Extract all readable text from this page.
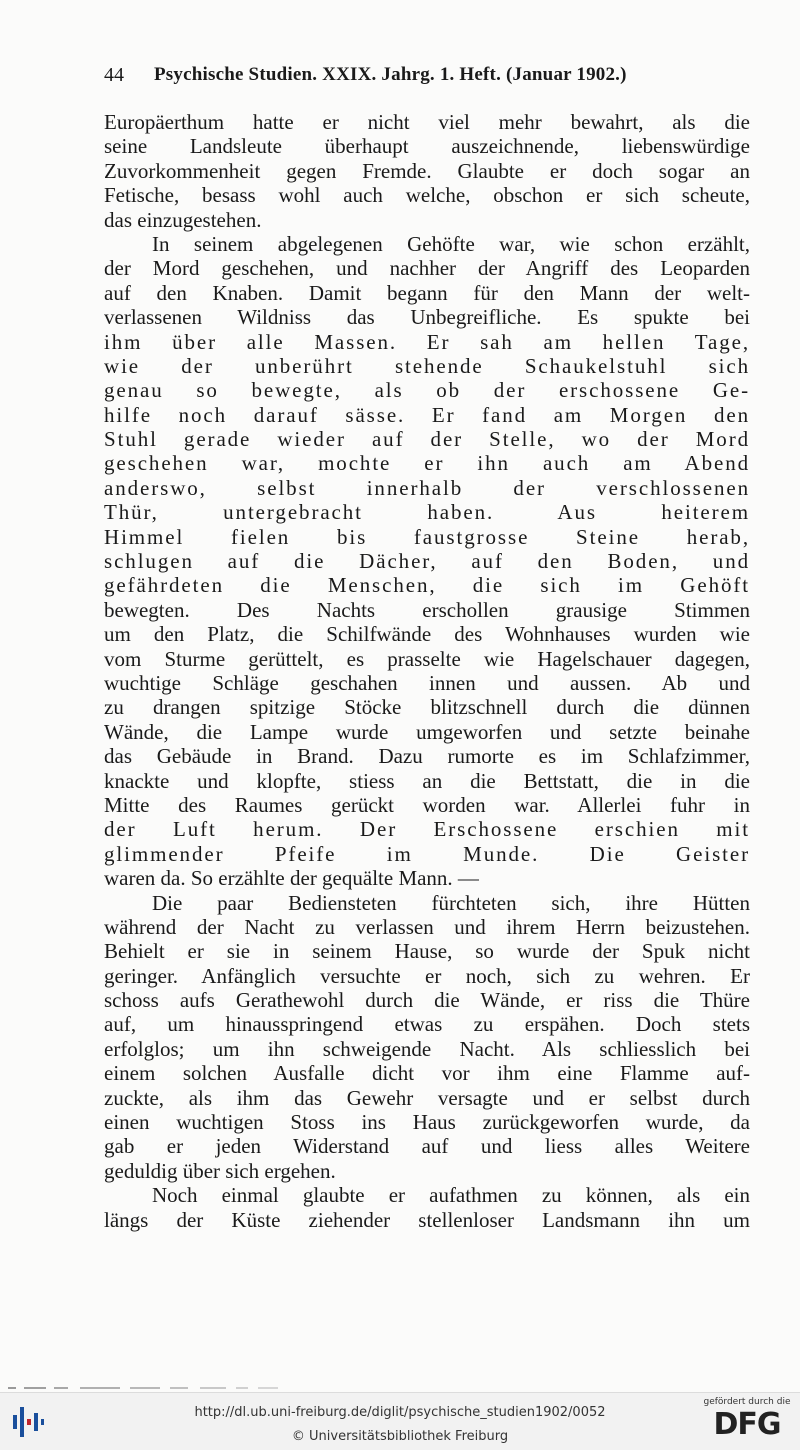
44 Psychische Studien. XXIX. Jahrg. 1. Heft. (Januar 1902.)
Europäerthum hatte er nicht viel mehr bewahrt, als die
seine Landsleute überhaupt auszeichnende, liebenswürdige
Zuvorkommenheit gegen Fremde. Glaubte er doch sogar an
Fetische, besass wohl auch welche, obschon er sich scheute,
das einzugestehen.
In seinem abgelegenen Gehöfte war, wie schon erzählt,
der Mord geschehen, und nachher der Angriff des Leoparden
auf den Knaben. Damit begann für den Mann der welt-
verlassenen Wildniss das Unbegreifliche. Es spukte bei
ihm über alle Massen. Er sah am hellen Tage,
wie der unberührt stehende Schaukelstuhl sich
genau so bewegte, als ob der erschossene Ge-
hilfe noch darauf sässe. Er fand am Morgen den
Stuhl gerade wieder auf der Stelle, wo der Mord
geschehen war, mochte er ihn auch am Abend
anderswo, selbst innerhalb der verschlossenen
Thür, untergebracht haben. Aus heiterem
Himmel fielen bis faustgrosse Steine herab,
schlugen auf die Dächer, auf den Boden, und
gefährdeten die Menschen, die sich im Gehöft
bewegten. Des Nachts erschollen grausige Stimmen
um den Platz, die Schilfwände des Wohnhauses wurden wie
vom Sturme gerüttelt, es prasselte wie Hagelschauer dagegen,
wuchtige Schläge geschahen innen und aussen. Ab und
zu drangen spitzige Stöcke blitzschnell durch die dünnen
Wände, die Lampe wurde umgeworfen und setzte beinahe
das Gebäude in Brand. Dazu rumorte es im Schlafzimmer,
knackte und klopfte, stiess an die Bettstatt, die in die
Mitte des Raumes gerückt worden war. Allerlei fuhr in
der Luft herum. Der Erschossene erschien mit
glimmender Pfeife im Munde. Die Geister
waren da. So erzählte der gequälte Mann. —
Die paar Bediensteten fürchteten sich, ihre Hütten
während der Nacht zu verlassen und ihrem Herrn beizustehen.
Behielt er sie in seinem Hause, so wurde der Spuk nicht
geringer. Anfänglich versuchte er noch, sich zu wehren. Er
schoss aufs Gerathewohl durch die Wände, er riss die Thüre
auf, um hinausspringend etwas zu erspähen. Doch stets
erfolglos; um ihn schweigende Nacht. Als schliesslich bei
einem solchen Ausfalle dicht vor ihm eine Flamme auf-
zuckte, als ihm das Gewehr versagte und er selbst durch
einen wuchtigen Stoss ins Haus zurückgeworfen wurde, da
gab er jeden Widerstand auf und liess alles Weitere
geduldig über sich ergehen.
Noch einmal glaubte er aufathmen zu können, als ein
längs der Küste ziehender stellenloser Landsmann ihn um
http://dl.ub.uni-freiburg.de/diglit/psychische_studien1902/0052
© Universitätsbibliothek Freiburg
gefördert durch die
DFG
